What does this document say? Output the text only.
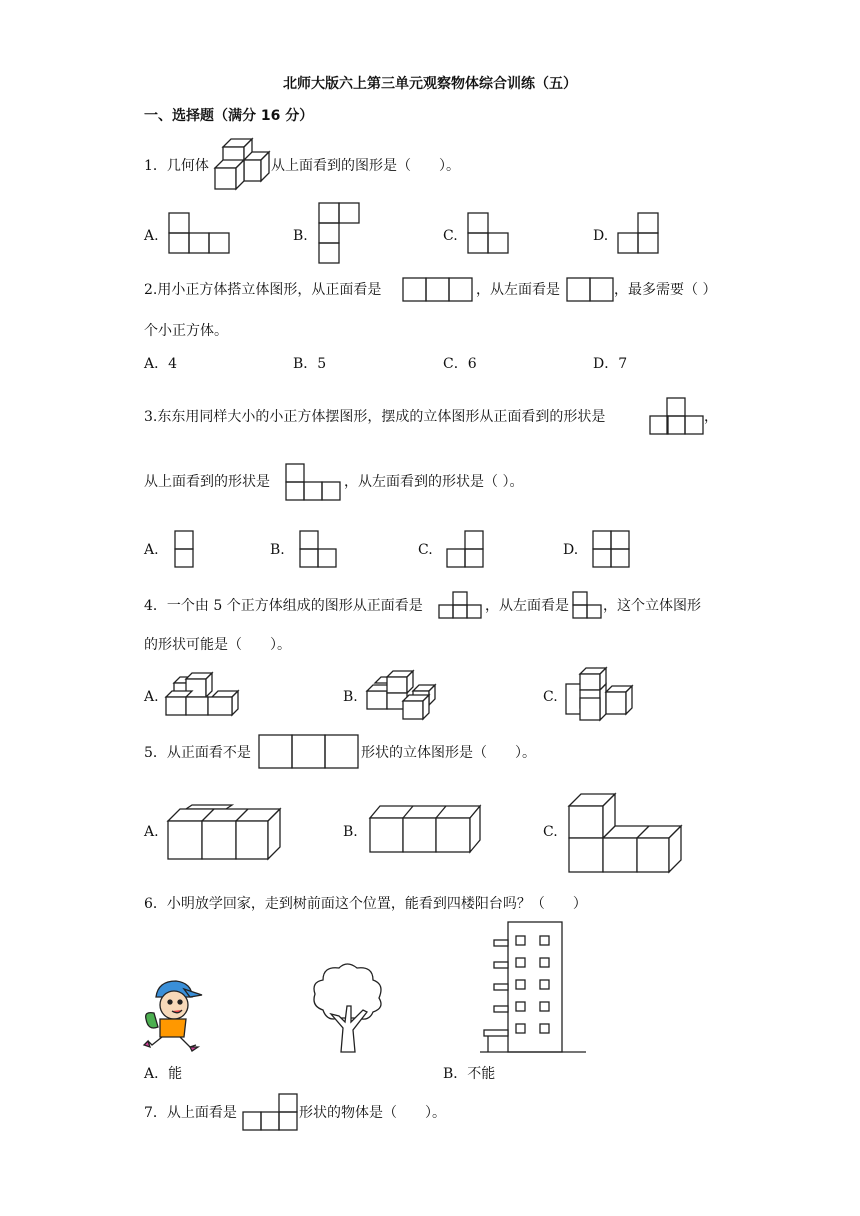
北师大版六上第三单元观察物体综合训练（五）
一、选择题（满分 16 分）
1．几何体	从上面看到的图形是（　　）。
A.	B.	C.	D.
2.用小正方体搭立体图形，从正面看是	，从左面看是	，最多需要（ ）
个小正方体。
A．4	B．5	C．6	D．7
3.东东用同样大小的小正方体摆图形，摆成的立体图形从正面看到的形状是	，
从上面看到的形状是	，从左面看到的形状是（ ）。
A.	B.	C.	D.
4．一个由 5 个正方体组成的图形从正面看是	，从左面看是 ，这个立体图形
的形状可能是（　　）。
A.	B.	C.
5．从正面看不是	形状的立体图形是（　　）。
A.	B.	C.
6．小明放学回家，走到树前面这个位置，能看到四楼阳台吗？（　　）
A．能	B．不能
7．从上面看是	形状的物体是（　　）。
